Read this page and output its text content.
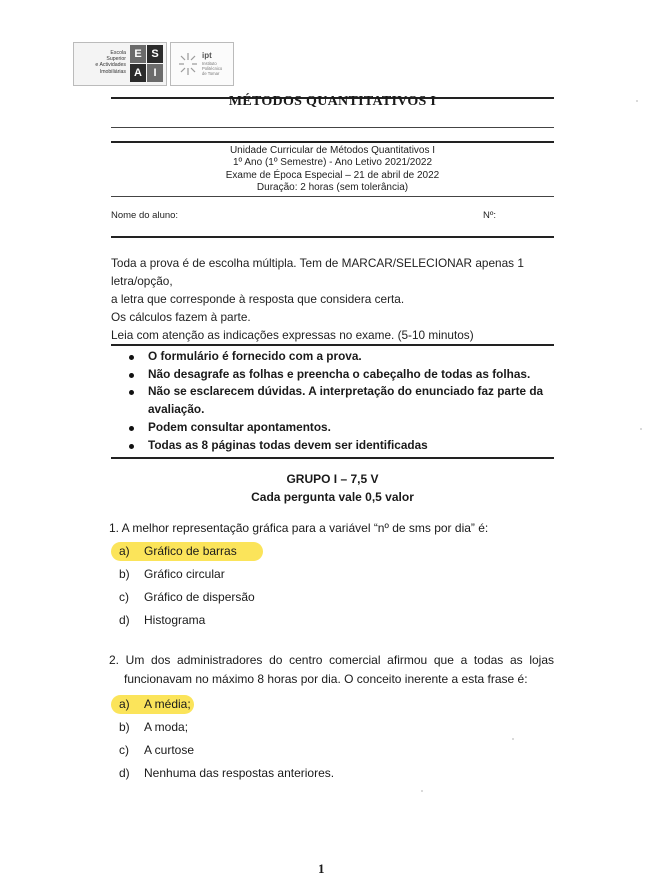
Escola
Superior
e Actividades
Imobiliárias
E S
A	I
ipt
Instituto
Politécnico
de Tomar
MÉTODOS QUANTITATIVOS I
Unidade Curricular de Métodos Quantitativos I
1º Ano (1º Semestre) - Ano Letivo 2021/2022
Exame de Época Especial – 21 de abril de 2022
Duração: 2 horas (sem tolerância)
Nome do aluno:	Nº:
Toda a prova é de escolha múltipla. Tem de MARCAR/SELECIONAR apenas 1 letra/opção,
a letra que corresponde à resposta que considera certa.
Os cálculos fazem à parte.
Leia com atenção as indicações expressas no exame. (5-10 minutos)
O formulário é fornecido com a prova.
Não desagrafe as folhas e preencha o cabeçalho de todas as folhas.
Não se esclarecem dúvidas. A interpretação do enunciado faz parte da avaliação.
Podem consultar apontamentos.
Todas as 8 páginas todas devem ser identificadas
GRUPO I – 7,5 V
Cada pergunta vale 0,5 valor
1. A melhor representação gráfica para a variável “nº de sms por dia” é:
a) Gráfico de barras
b) Gráfico circular
c) Gráfico de dispersão
d) Histograma
2. Um dos administradores do centro comercial afirmou que a todas as lojas
funcionavam no máximo 8 horas por dia. O conceito inerente a esta frase é:
a) A média;
b) A moda;
c) A curtose
d) Nenhuma das respostas anteriores.
1
